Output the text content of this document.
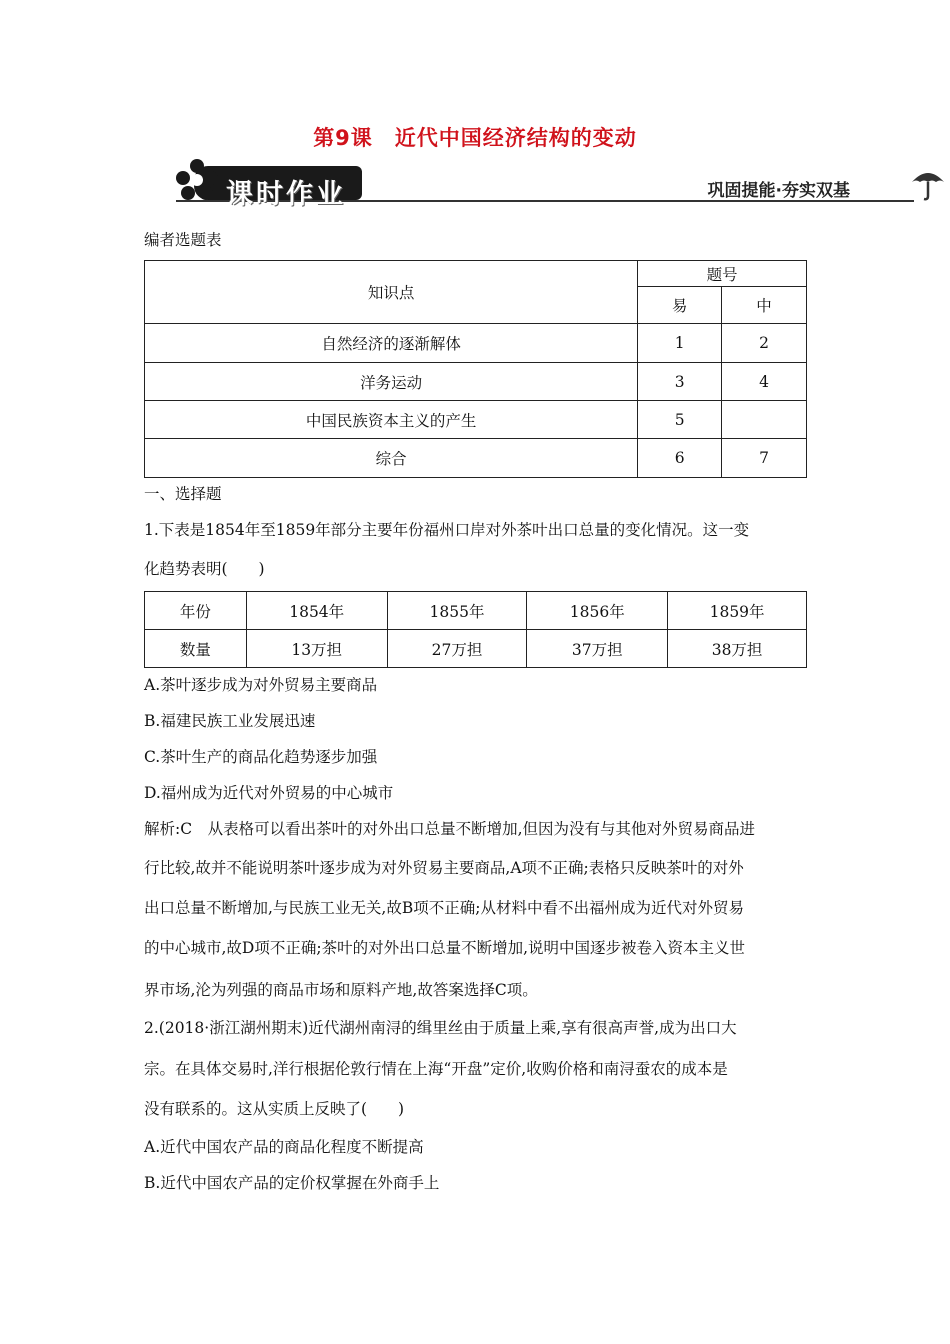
第9课　近代中国经济结构的变动
课时作业	巩固提能·夯实双基
编者选题表
知识点	题号	
	易	中
自然经济的逐渐解体	1	2
洋务运动	3	4
中国民族资本主义的产生	5	
综合	6	7
一、选择题
1.下表是1854年至1859年部分主要年份福州口岸对外茶叶出口总量的变化情况。这一变
化趋势表明(　　)
年份	1854年	1855年	1856年	1859年
数量	13万担	27万担	37万担	38万担
A.茶叶逐步成为对外贸易主要商品
B.福建民族工业发展迅速
C.茶叶生产的商品化趋势逐步加强
D.福州成为近代对外贸易的中心城市
解析:C　从表格可以看出茶叶的对外出口总量不断增加,但因为没有与其他对外贸易商品进
行比较,故并不能说明茶叶逐步成为对外贸易主要商品,A项不正确;表格只反映茶叶的对外
出口总量不断增加,与民族工业无关,故B项不正确;从材料中看不出福州成为近代对外贸易
的中心城市,故D项不正确;茶叶的对外出口总量不断增加,说明中国逐步被卷入资本主义世
界市场,沦为列强的商品市场和原料产地,故答案选择C项。
2.(2018·浙江湖州期末)近代湖州南浔的缉里丝由于质量上乘,享有很高声誉,成为出口大
宗。在具体交易时,洋行根据伦敦行情在上海“开盘”定价,收购价格和南浔蚕农的成本是
没有联系的。这从实质上反映了(　　)
A.近代中国农产品的商品化程度不断提高
B.近代中国农产品的定价权掌握在外商手上
